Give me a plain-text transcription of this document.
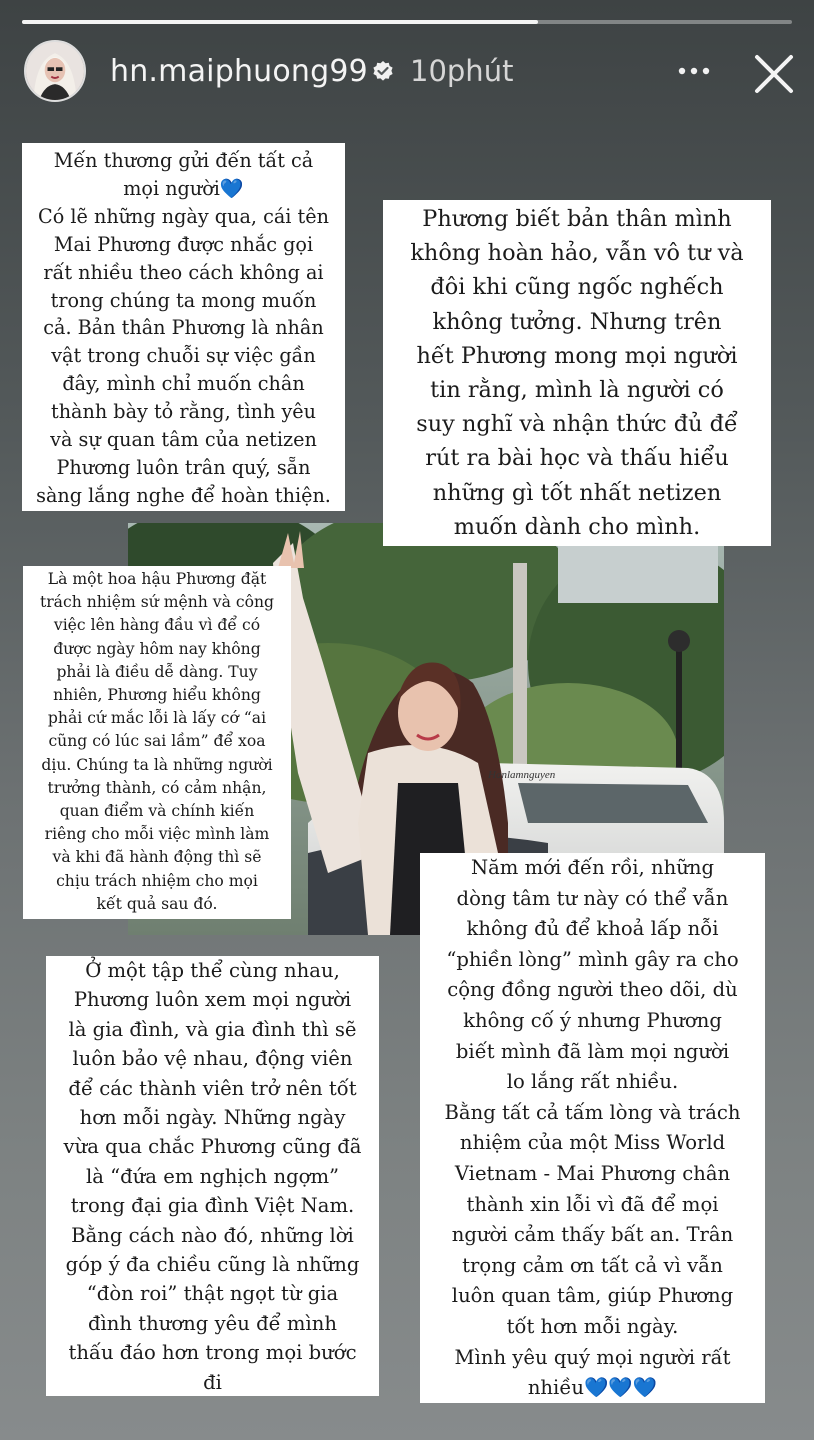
hn.maiphuong99 10phút
Hanlamnguyen

Mến thương gửi đến tất cả
mọi người💙
Có lẽ những ngày qua, cái tên
Mai Phương được nhắc gọi
rất nhiều theo cách không ai
trong chúng ta mong muốn
cả. Bản thân Phương là nhân
vật trong chuỗi sự việc gần
đây, mình chỉ muốn chân
thành bày tỏ rằng, tình yêu
và sự quan tâm của netizen
Phương luôn trân quý, sẵn
sàng lắng nghe để hoàn thiện.

Phương biết bản thân mình
không hoàn hảo, vẫn vô tư và
đôi khi cũng ngốc nghếch
không tưởng. Nhưng trên
hết Phương mong mọi người
tin rằng, mình là người có
suy nghĩ và nhận thức đủ để
rút ra bài học và thấu hiểu
những gì tốt nhất netizen
muốn dành cho mình.

Là một hoa hậu Phương đặt
trách nhiệm sứ mệnh và công
việc lên hàng đầu vì để có
được ngày hôm nay không
phải là điều dễ dàng. Tuy
nhiên, Phương hiểu không
phải cứ mắc lỗi là lấy cớ “ai
cũng có lúc sai lầm” để xoa
dịu. Chúng ta là những người
trưởng thành, có cảm nhận,
quan điểm và chính kiến
riêng cho mỗi việc mình làm
và khi đã hành động thì sẽ
chịu trách nhiệm cho mọi
kết quả sau đó.

Năm mới đến rồi, những
dòng tâm tư này có thể vẫn
không đủ để khoả lấp nỗi
“phiền lòng” mình gây ra cho
cộng đồng người theo dõi, dù
không cố ý nhưng Phương
biết mình đã làm mọi người
lo lắng rất nhiều.
Bằng tất cả tấm lòng và trách
nhiệm của một Miss World
Vietnam - Mai Phương chân
thành xin lỗi vì đã để mọi
người cảm thấy bất an. Trân
trọng cảm ơn tất cả vì vẫn
luôn quan tâm, giúp Phương
tốt hơn mỗi ngày.
Mình yêu quý mọi người rất
nhiều💙💙💙

Ở một tập thể cùng nhau,
Phương luôn xem mọi người
là gia đình, và gia đình thì sẽ
luôn bảo vệ nhau, động viên
để các thành viên trở nên tốt
hơn mỗi ngày. Những ngày
vừa qua chắc Phương cũng đã
là “đứa em nghịch ngợm”
trong đại gia đình Việt Nam.
Bằng cách nào đó, những lời
góp ý đa chiều cũng là những
“đòn roi” thật ngọt từ gia
đình thương yêu để mình
thấu đáo hơn trong mọi bước
đi
